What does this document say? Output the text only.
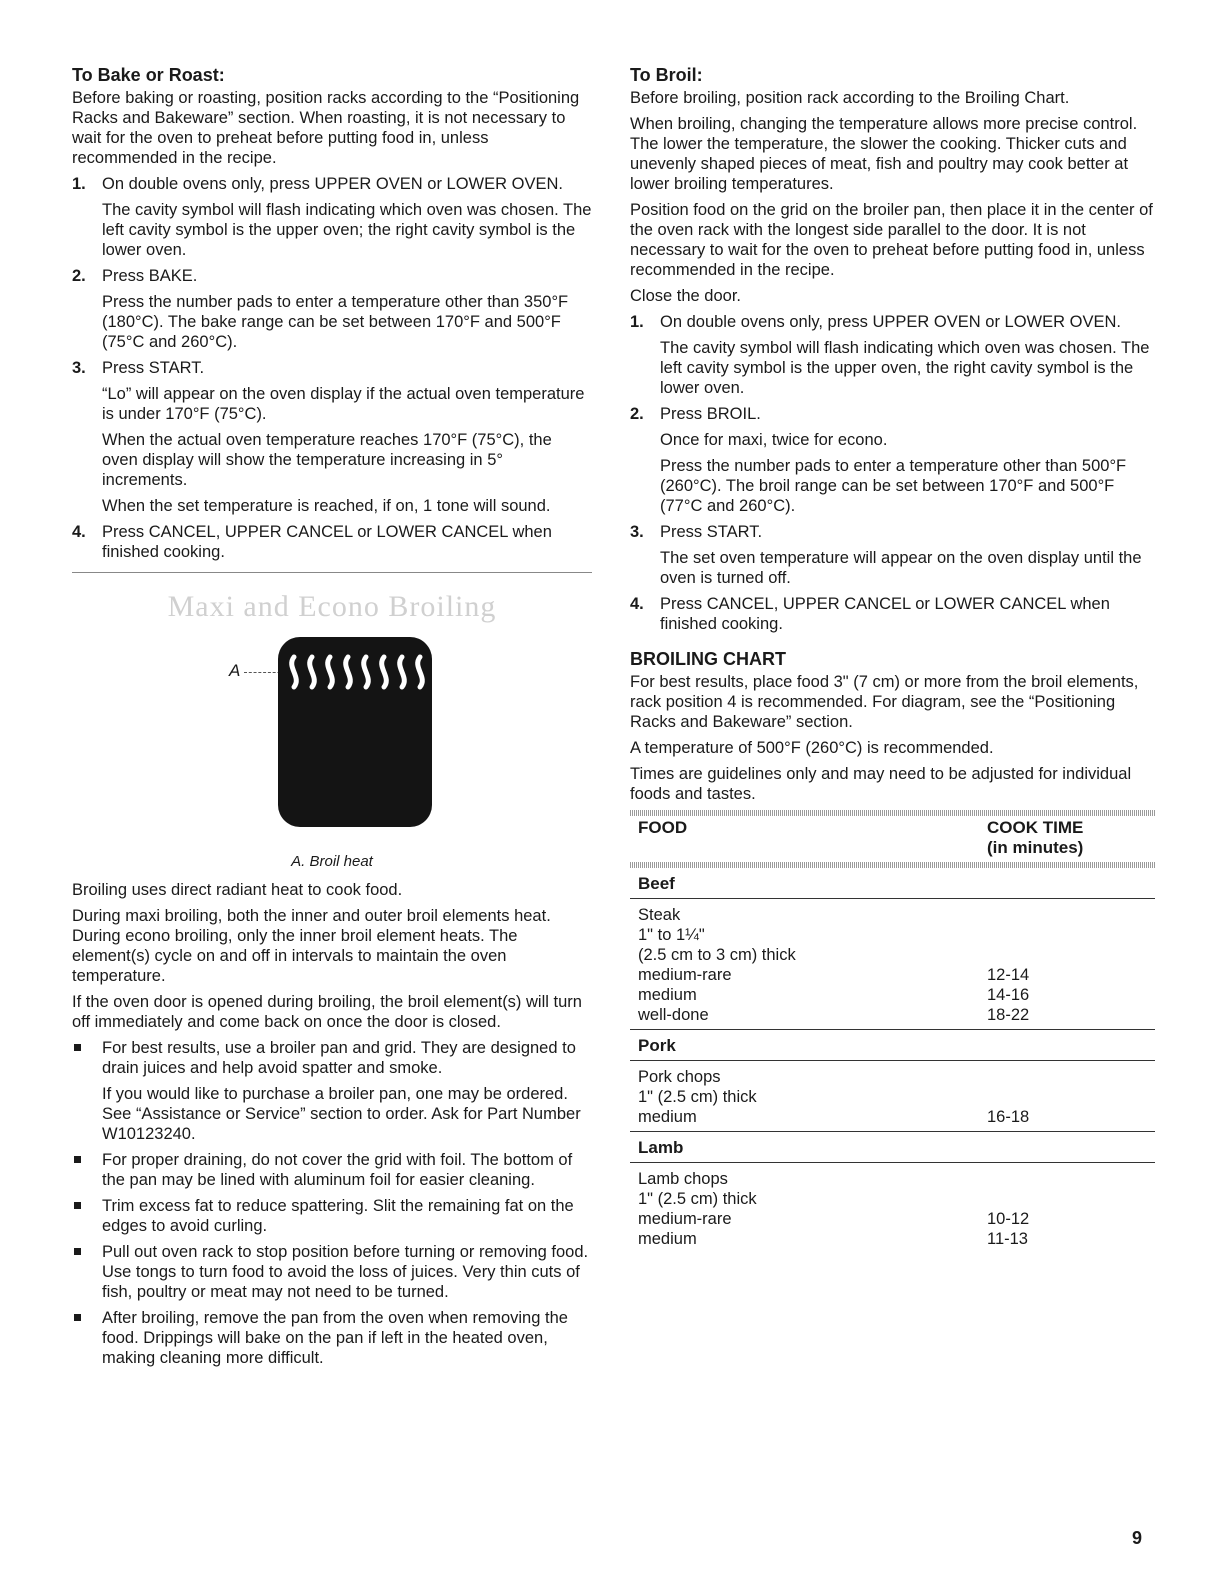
To Bake or Roast:

Before baking or roasting, position racks according to the “Positioning Racks and Bakeware” section. When roasting, it is not necessary to wait for the oven to preheat before putting food in, unless recommended in the recipe.

1. On double ovens only, press UPPER OVEN or LOWER OVEN.

The cavity symbol will flash indicating which oven was chosen. The left cavity symbol is the upper oven; the right cavity symbol is the lower oven.

2. Press BAKE.

Press the number pads to enter a temperature other than 350°F (180°C). The bake range can be set between 170°F and 500°F (75°C and 260°C).

3. Press START.

“Lo” will appear on the oven display if the actual oven temperature is under 170°F (75°C).

When the actual oven temperature reaches 170°F (75°C), the oven display will show the temperature increasing in 5° increments.

When the set temperature is reached, if on, 1 tone will sound.

4. Press CANCEL, UPPER CANCEL or LOWER CANCEL when finished cooking.

Maxi and Econo Broiling
A
A. Broil heat

Broiling uses direct radiant heat to cook food.

During maxi broiling, both the inner and outer broil elements heat. During econo broiling, only the inner broil element heats. The element(s) cycle on and off in intervals to maintain the oven temperature.

If the oven door is opened during broiling, the broil element(s) will turn off immediately and come back on once the door is closed.

For best results, use a broiler pan and grid. They are designed to drain juices and help avoid spatter and smoke.

If you would like to purchase a broiler pan, one may be ordered. See “Assistance or Service” section to order. Ask for Part Number W10123240.

For proper draining, do not cover the grid with foil. The bottom of the pan may be lined with aluminum foil for easier cleaning.

Trim excess fat to reduce spattering. Slit the remaining fat on the edges to avoid curling.

Pull out oven rack to stop position before turning or removing food. Use tongs to turn food to avoid the loss of juices. Very thin cuts of fish, poultry or meat may not need to be turned.

After broiling, remove the pan from the oven when removing the food. Drippings will bake on the pan if left in the heated oven, making cleaning more difficult.

To Broil:

Before broiling, position rack according to the Broiling Chart.

When broiling, changing the temperature allows more precise control. The lower the temperature, the slower the cooking. Thicker cuts and unevenly shaped pieces of meat, fish and poultry may cook better at lower broiling temperatures.

Position food on the grid on the broiler pan, then place it in the center of the oven rack with the longest side parallel to the door. It is not necessary to wait for the oven to preheat before putting food in, unless recommended in the recipe.

Close the door.

1. On double ovens only, press UPPER OVEN or LOWER OVEN.

The cavity symbol will flash indicating which oven was chosen. The left cavity symbol is the upper oven, the right cavity symbol is the lower oven.

2. Press BROIL.

Once for maxi, twice for econo.

Press the number pads to enter a temperature other than 500°F (260°C). The broil range can be set between 170°F and 500°F (77°C and 260°C).

3. Press START.

The set oven temperature will appear on the oven display until the oven is turned off.

4. Press CANCEL, UPPER CANCEL or LOWER CANCEL when finished cooking.

BROILING CHART

For best results, place food 3" (7 cm) or more from the broil elements, rack position 4 is recommended. For diagram, see the “Positioning Racks and Bakeware” section.

A temperature of 500°F (260°C) is recommended.

Times are guidelines only and may need to be adjusted for individual foods and tastes.

FOOD	COOK TIME
(in minutes)
Beef
Steak
1" to 1¼"
(2.5 cm to 3 cm) thick
medium-rare	12-14
medium	14-16
well-done	18-22
Pork
Pork chops
1" (2.5 cm) thick
medium	16-18
Lamb
Lamb chops
1" (2.5 cm) thick
medium-rare	10-12
medium	11-13
9
